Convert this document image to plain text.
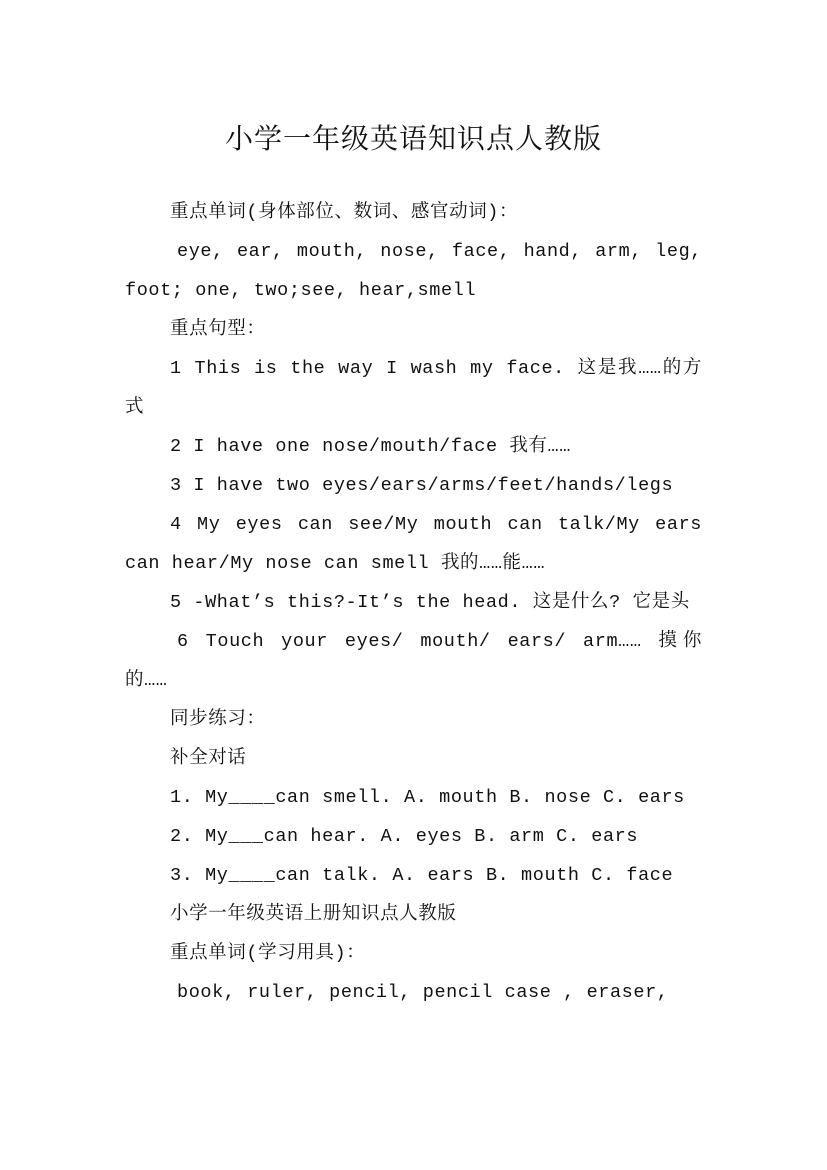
小学一年级英语知识点人教版

重点单词(身体部位、数词、感官动词)：

eye, ear, mouth, nose, face, hand, arm, leg, foot; one, two;see, hear,smell

重点句型：

1 This is the way I wash my face. 这是我……的方式

2 I have one nose/mouth/face 我有……

3 I have two eyes/ears/arms/feet/hands/legs

4 My eyes can see/My mouth can talk/My ears can hear/My nose can smell 我的……能……

5 -What’s this?-It’s the head. 这是什么? 它是头

6 Touch your eyes/ mouth/ ears/ arm…… 摸你的……

同步练习：

补全对话

1. My____can smell. A. mouth B. nose C. ears

2. My___can hear. A. eyes B. arm C. ears

3. My____can talk. A. ears B. mouth C. face

小学一年级英语上册知识点人教版

重点单词(学习用具)：

book, ruler, pencil, pencil case , eraser,
